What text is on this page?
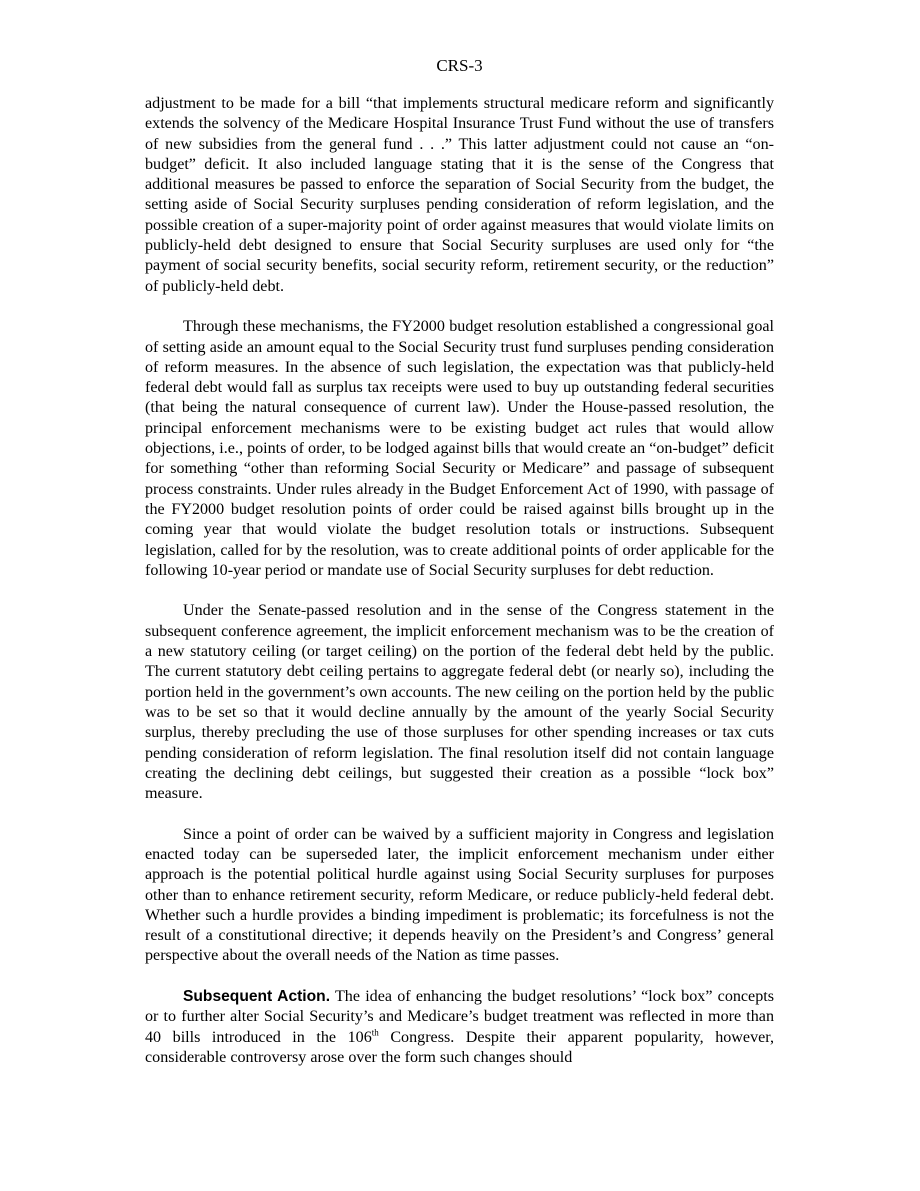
CRS-3

adjustment to be made for a bill “that implements structural medicare reform and significantly extends the solvency of the Medicare Hospital Insurance Trust Fund without the use of transfers of new subsidies from the general fund . . .” This latter adjustment could not cause an “on-budget” deficit. It also included language stating that it is the sense of the Congress that additional measures be passed to enforce the separation of Social Security from the budget, the setting aside of Social Security surpluses pending consideration of reform legislation, and the possible creation of a super-majority point of order against measures that would violate limits on publicly-held debt designed to ensure that Social Security surpluses are used only for “the payment of social security benefits, social security reform, retirement security, or the reduction” of publicly-held debt.

Through these mechanisms, the FY2000 budget resolution established a congressional goal of setting aside an amount equal to the Social Security trust fund surpluses pending consideration of reform measures. In the absence of such legislation, the expectation was that publicly-held federal debt would fall as surplus tax receipts were used to buy up outstanding federal securities (that being the natural consequence of current law). Under the House-passed resolution, the principal enforcement mechanisms were to be existing budget act rules that would allow objections, i.e., points of order, to be lodged against bills that would create an “on-budget” deficit for something “other than reforming Social Security or Medicare” and passage of subsequent process constraints. Under rules already in the Budget Enforcement Act of 1990, with passage of the FY2000 budget resolution points of order could be raised against bills brought up in the coming year that would violate the budget resolution totals or instructions. Subsequent legislation, called for by the resolution, was to create additional points of order applicable for the following 10-year period or mandate use of Social Security surpluses for debt reduction.

Under the Senate-passed resolution and in the sense of the Congress statement in the subsequent conference agreement, the implicit enforcement mechanism was to be the creation of a new statutory ceiling (or target ceiling) on the portion of the federal debt held by the public. The current statutory debt ceiling pertains to aggregate federal debt (or nearly so), including the portion held in the government’s own accounts. The new ceiling on the portion held by the public was to be set so that it would decline annually by the amount of the yearly Social Security surplus, thereby precluding the use of those surpluses for other spending increases or tax cuts pending consideration of reform legislation. The final resolution itself did not contain language creating the declining debt ceilings, but suggested their creation as a possible “lock box” measure.

Since a point of order can be waived by a sufficient majority in Congress and legislation enacted today can be superseded later, the implicit enforcement mechanism under either approach is the potential political hurdle against using Social Security surpluses for purposes other than to enhance retirement security, reform Medicare, or reduce publicly-held federal debt. Whether such a hurdle provides a binding impediment is problematic; its forcefulness is not the result of a constitutional directive; it depends heavily on the President’s and Congress’ general perspective about the overall needs of the Nation as time passes.

Subsequent Action. The idea of enhancing the budget resolutions’ “lock box” concepts or to further alter Social Security’s and Medicare’s budget treatment was reflected in more than 40 bills introduced in the 106th Congress. Despite their apparent popularity, however, considerable controversy arose over the form such changes should
